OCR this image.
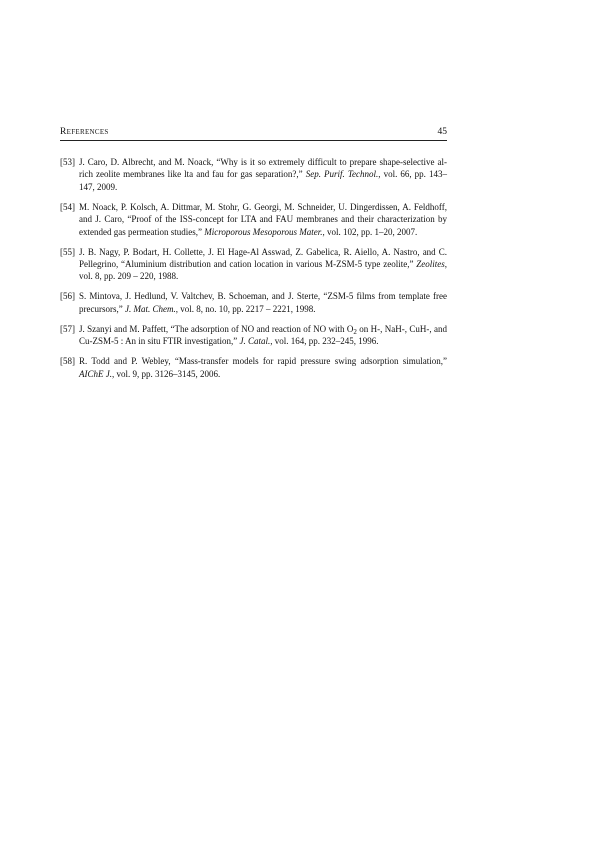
References	45
[53] J. Caro, D. Albrecht, and M. Noack, “Why is it so extremely difficult to prepare shape-selective al-rich zeolite membranes like lta and fau for gas separation?,” Sep. Purif. Technol., vol. 66, pp. 143–147, 2009.
[54] M. Noack, P. Kolsch, A. Dittmar, M. Stohr, G. Georgi, M. Schneider, U. Dingerdissen, A. Feldhoff, and J. Caro, “Proof of the ISS-concept for LTA and FAU membranes and their characterization by extended gas permeation studies,” Microporous Mesoporous Mater., vol. 102, pp. 1–20, 2007.
[55] J. B. Nagy, P. Bodart, H. Collette, J. El Hage-Al Asswad, Z. Gabelica, R. Aiello, A. Nastro, and C. Pellegrino, “Aluminium distribution and cation location in various M-ZSM-5 type zeolite,” Zeolites, vol. 8, pp. 209 – 220, 1988.
[56] S. Mintova, J. Hedlund, V. Valtchev, B. Schoeman, and J. Sterte, “ZSM-5 films from template free precursors,” J. Mat. Chem., vol. 8, no. 10, pp. 2217 – 2221, 1998.
[57] J. Szanyi and M. Paffett, “The adsorption of NO and reaction of NO with $O_2$ on H-, NaH-, CuH-, and Cu-ZSM-5 : An in situ FTIR investigation,” J. Catal., vol. 164, pp. 232–245, 1996.
[58] R. Todd and P. Webley, “Mass-transfer models for rapid pressure swing adsorption simulation,” AIChE J., vol. 9, pp. 3126–3145, 2006.
